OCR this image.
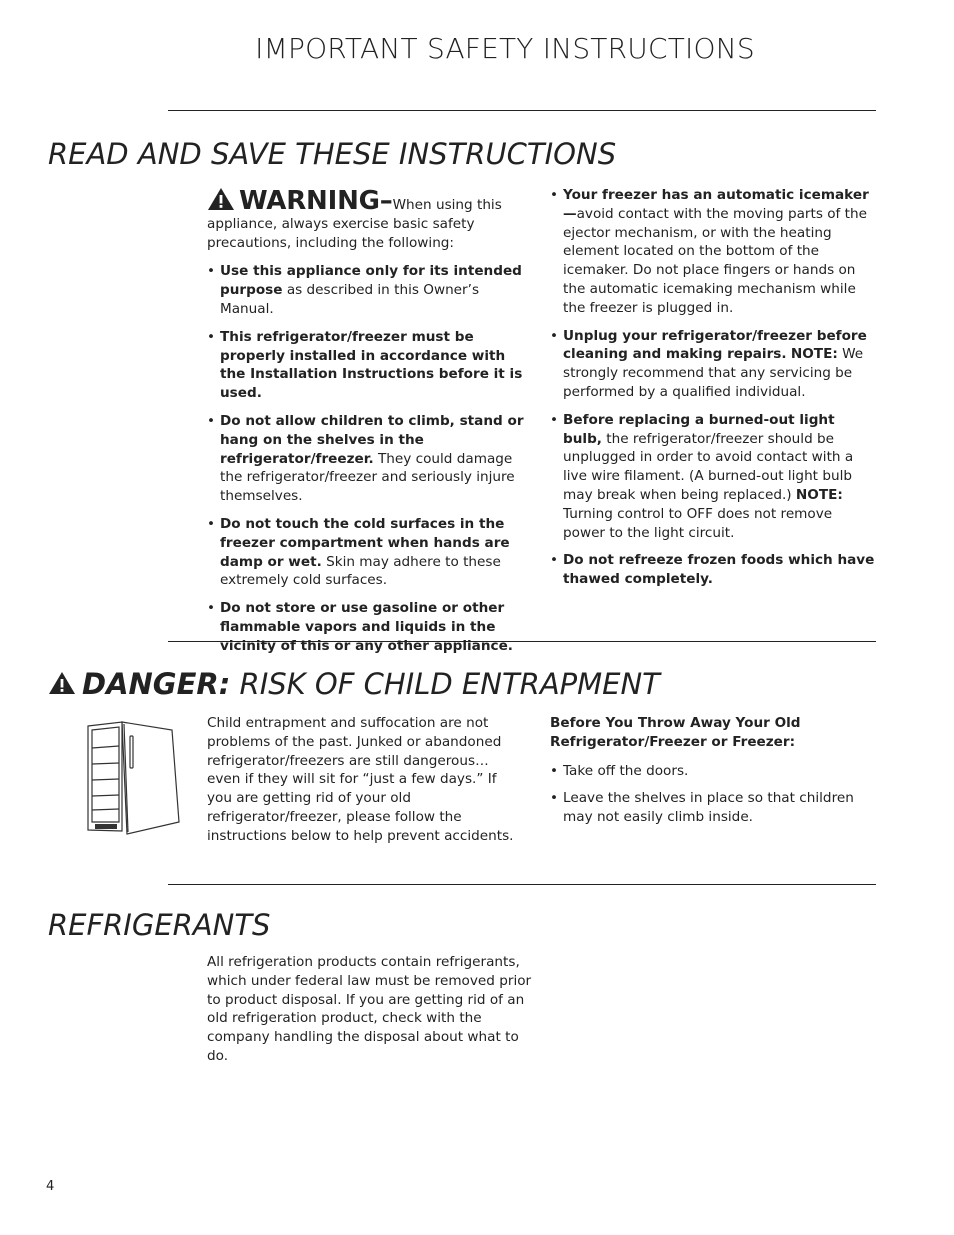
IMPORTANT SAFETY INSTRUCTIONS
READ AND SAVE THESE INSTRUCTIONS

WARNING–When using this appliance, always exercise basic safety precautions, including the following:

• Use this appliance only for its intended purpose as described in this Owner’s Manual.
• This refrigerator/freezer must be properly installed in accordance with the Installation Instructions before it is used.
• Do not allow children to climb, stand or hang on the shelves in the refrigerator/freezer. They could damage the refrigerator/freezer and seriously injure themselves.
• Do not touch the cold surfaces in the freezer compartment when hands are damp or wet. Skin may adhere to these extremely cold surfaces.
• Do not store or use gasoline or other flammable vapors and liquids in the vicinity of this or any other appliance.
• Your freezer has an automatic icemaker—avoid contact with the moving parts of the ejector mechanism, or with the heating element located on the bottom of the icemaker. Do not place fingers or hands on the automatic icemaking mechanism while the freezer is plugged in.
• Unplug your refrigerator/freezer before cleaning and making repairs. NOTE: We strongly recommend that any servicing be performed by a qualified individual.
• Before replacing a burned-out light bulb, the refrigerator/freezer should be unplugged in order to avoid contact with a live wire filament. (A burned-out light bulb may break when being replaced.) NOTE: Turning control to OFF does not remove power to the light circuit.
• Do not refreeze frozen foods which have thawed completely.
DANGER: RISK OF CHILD ENTRAPMENT
Child entrapment and suffocation are not problems of the past. Junked or abandoned refrigerator/freezers are still dangerous…even if they will sit for “just a few days.” If you are getting rid of your old refrigerator/freezer, please follow the instructions below to help prevent accidents.

Before You Throw Away Your Old Refrigerator/Freezer or Freezer:

• Take off the doors.
• Leave the shelves in place so that children may not easily climb inside.
REFRIGERANTS
All refrigeration products contain refrigerants, which under federal law must be removed prior to product disposal. If you are getting rid of an old refrigeration product, check with the company handling the disposal about what to do.
4
